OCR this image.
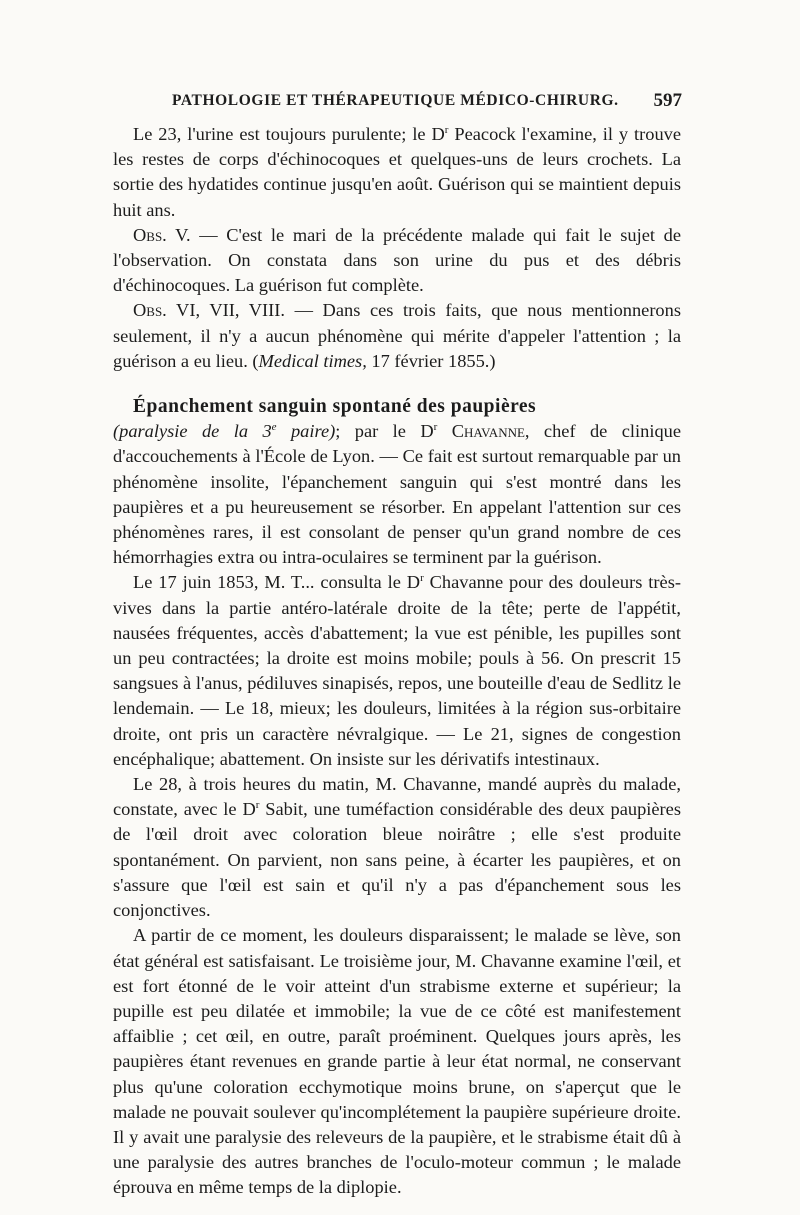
PATHOLOGIE ET THÉRAPEUTIQUE MÉDICO-CHIRURG. 597

Le 23, l'urine est toujours purulente; le $D^r$ Peacock l'examine, il y trouve les restes de corps d'échinocoques et quelques-uns de leurs crochets. La sortie des hydatides continue jusqu'en août. Guérison qui se maintient depuis huit ans.

Obs. V. — C'est le mari de la précédente malade qui fait le sujet de l'observation. On constata dans son urine du pus et des débris d'échinocoques. La guérison fut complète.

Obs. VI, VII, VIII. — Dans ces trois faits, que nous mentionnerons seulement, il n'y a aucun phénomène qui mérite d'appeler l'attention ; la guérison a eu lieu. (Medical times, 17 février 1855.)

Épanchement sanguin spontané des paupières
(paralysie de la 3e paire); par le $D^r$ Chavanne, chef de clinique d'accouchements à l'École de Lyon. — Ce fait est surtout remarquable par un phénomène insolite, l'épanchement sanguin qui s'est montré dans les paupières et a pu heureusement se résorber. En appelant l'attention sur ces phénomènes rares, il est consolant de penser qu'un grand nombre de ces hémorrhagies extra ou intra-oculaires se terminent par la guérison.

Le 17 juin 1853, M. T... consulta le $D^r$ Chavanne pour des douleurs très-vives dans la partie antéro-latérale droite de la tête; perte de l'appétit, nausées fréquentes, accès d'abattement; la vue est pénible, les pupilles sont un peu contractées; la droite est moins mobile; pouls à 56. On prescrit 15 sangsues à l'anus, pédiluves sinapisés, repos, une bouteille d'eau de Sedlitz le lendemain. — Le 18, mieux; les douleurs, limitées à la région sus-orbitaire droite, ont pris un caractère névralgique. — Le 21, signes de congestion encéphalique; abattement. On insiste sur les dérivatifs intestinaux.

Le 28, à trois heures du matin, M. Chavanne, mandé auprès du malade, constate, avec le $D^r$ Sabit, une tuméfaction considérable des deux paupières de l'œil droit avec coloration bleue noirâtre ; elle s'est produite spontanément. On parvient, non sans peine, à écarter les paupières, et on s'assure que l'œil est sain et qu'il n'y a pas d'épanchement sous les conjonctives.

A partir de ce moment, les douleurs disparaissent; le malade se lève, son état général est satisfaisant. Le troisième jour, M. Chavanne examine l'œil, et est fort étonné de le voir atteint d'un strabisme externe et supérieur; la pupille est peu dilatée et immobile; la vue de ce côté est manifestement affaiblie ; cet œil, en outre, paraît proéminent. Quelques jours après, les paupières étant revenues en grande partie à leur état normal, ne conservant plus qu'une coloration ecchymotique moins brune, on s'aperçut que le malade ne pouvait soulever qu'incomplétement la paupière supérieure droite. Il y avait une paralysie des releveurs de la paupière, et le strabisme était dû à une paralysie des autres branches de l'oculo-moteur commun ; le malade éprouva en même temps de la diplopie.
